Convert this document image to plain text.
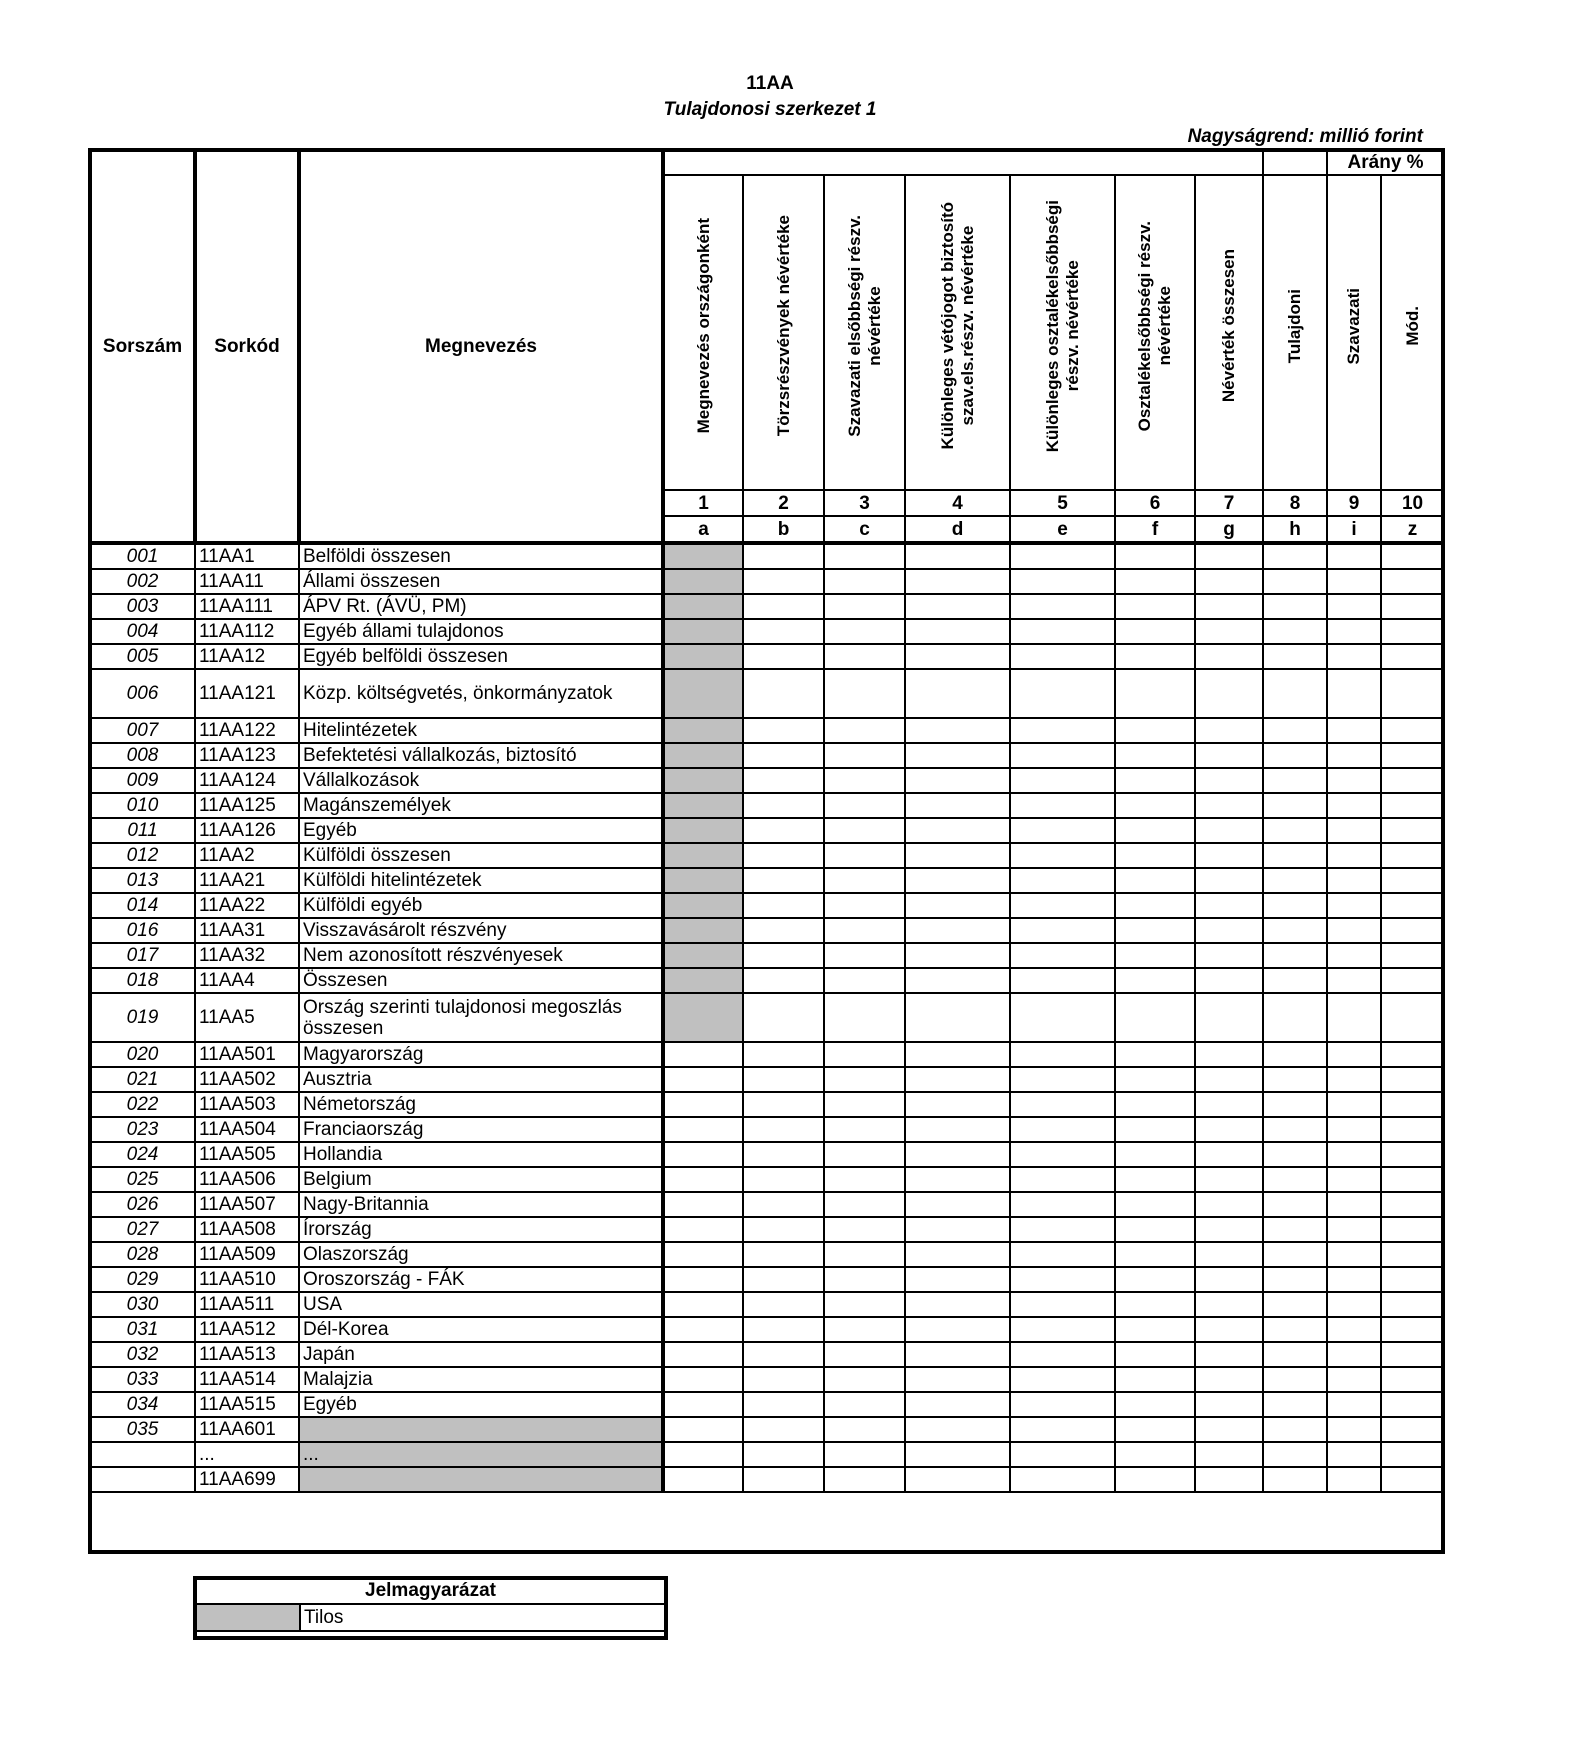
11AA
Tulajdonosi szerkezet 1
Nagyságrend: millió forint
Sorszám	Sorkód	Megnevezés									Arány %		
			Megnevezés országonként	Törzsrészvények névértéke	Szavazati elsőbbségi részv.
névértéke	Különleges vétójogot biztosító
szav.els.részv. névértéke	Különleges osztalékelsőbbségi
részv. névértéke	Osztalékelsőbbségi részv.
névértéke	Névérték összesen	Tulajdoni	Szavazati	Mód.	
			1	2	3	4	5	6	7	8	9	10	
			a	b	c	d	e	f	g	h	i	z	
001	11AA1	Belföldi összesen											
002	11AA11	Állami összesen											
003	11AA111	ÁPV Rt. (ÁVÜ, PM)											
004	11AA112	Egyéb állami tulajdonos											
005	11AA12	Egyéb belföldi összesen											
006	11AA121	Közp. költségvetés, önkormányzatok											
007	11AA122	Hitelintézetek											
008	11AA123	Befektetési vállalkozás, biztosító											
009	11AA124	Vállalkozások											
010	11AA125	Magánszemélyek											
011	11AA126	Egyéb											
012	11AA2	Külföldi összesen											
013	11AA21	Külföldi hitelintézetek											
014	11AA22	Külföldi egyéb											
016	11AA31	Visszavásárolt részvény											
017	11AA32	Nem azonosított részvényesek											
018	11AA4	Összesen											
019	11AA5	Ország szerinti tulajdonosi megoszlás összesen											
020	11AA501	Magyarország											
021	11AA502	Ausztria											
022	11AA503	Németország											
023	11AA504	Franciaország											
024	11AA505	Hollandia											
025	11AA506	Belgium											
026	11AA507	Nagy-Britannia											
027	11AA508	Írország											
028	11AA509	Olaszország											
029	11AA510	Oroszország - FÁK											
030	11AA511	USA											
031	11AA512	Dél-Korea											
032	11AA513	Japán											
033	11AA514	Malajzia											
034	11AA515	Egyéb											
035	11AA601												
	...	...											
	11AA699												
Jelmagyarázat
	Tilos
